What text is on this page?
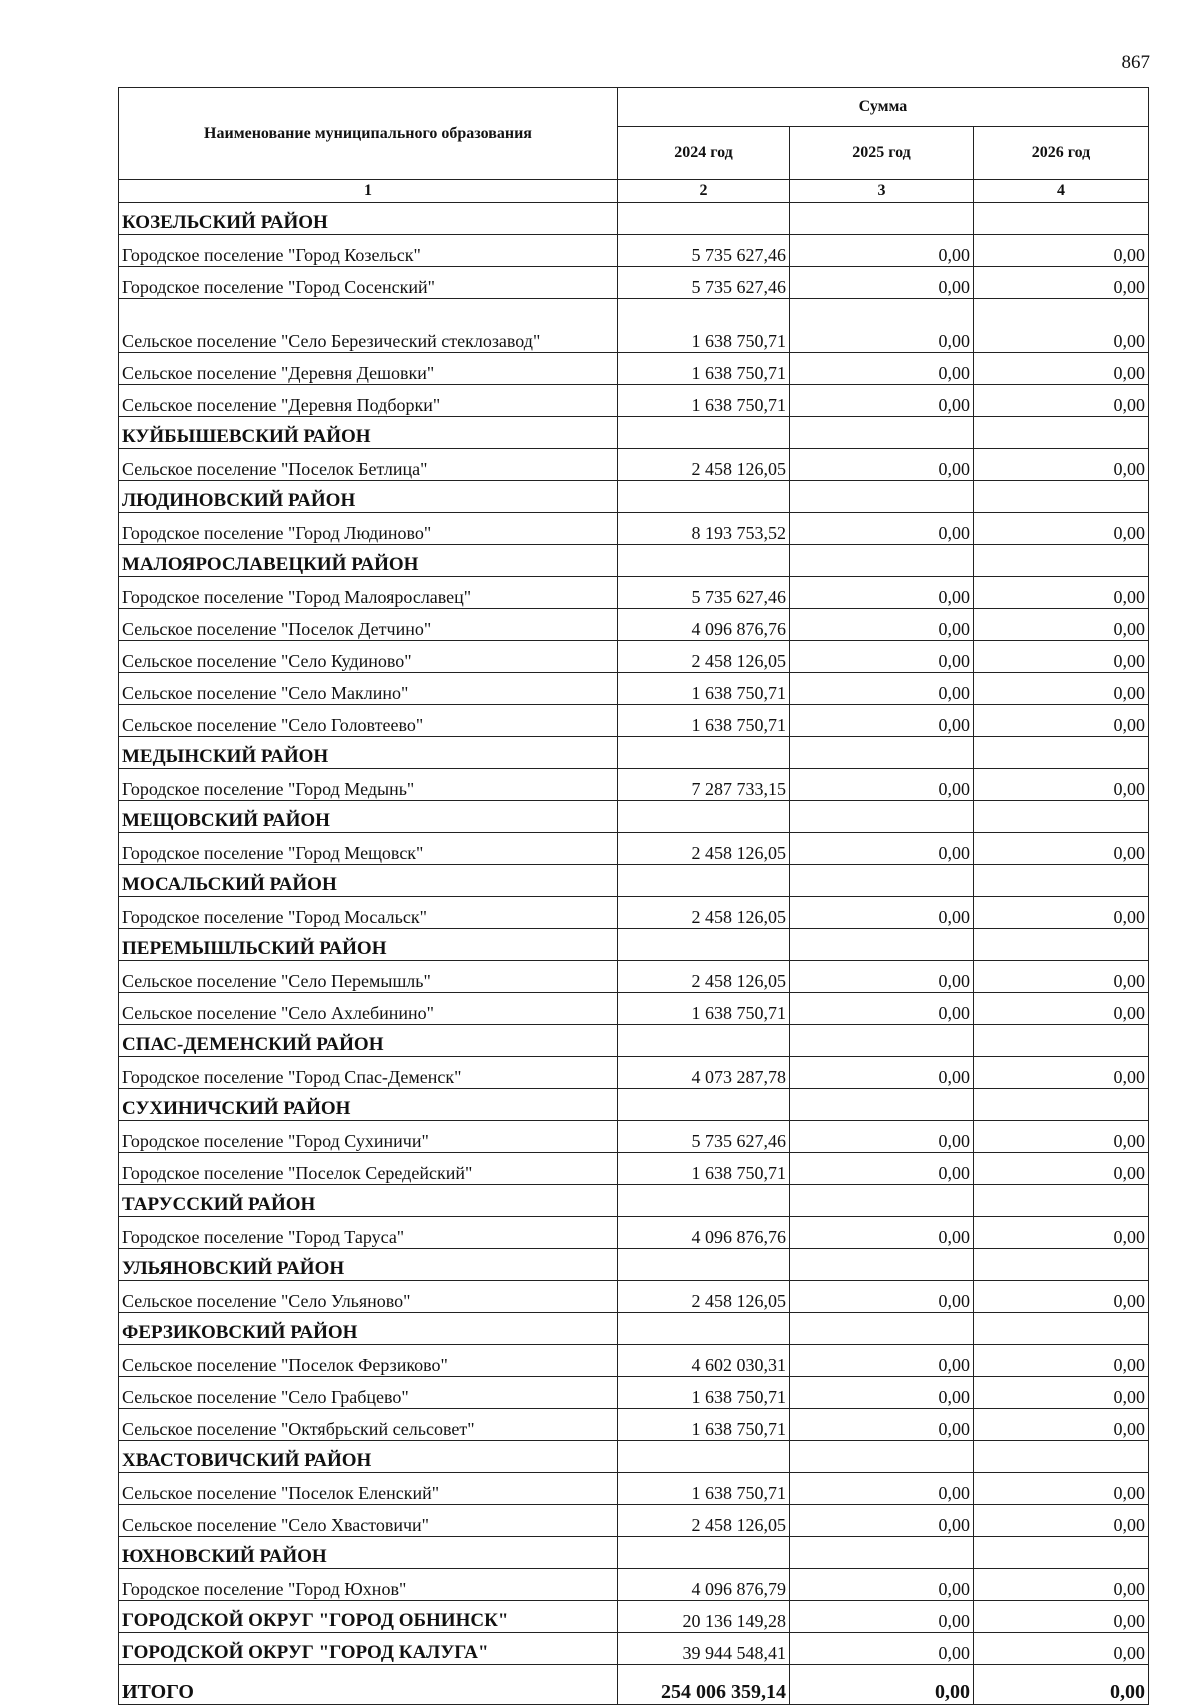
867
Наименование муниципального образования	Сумма		
	2024 год	2025 год	2026 год
1	2	3	4
КОЗЕЛЬСКИЙ РАЙОН			
Городское поселение "Город Козельск"	5 735 627,46	0,00	0,00
Городское поселение "Город Сосенский"	5 735 627,46	0,00	0,00
Сельское поселение "Село Березический стеклозавод"	1 638 750,71	0,00	0,00
Сельское поселение "Деревня Дешовки"	1 638 750,71	0,00	0,00
Сельское поселение "Деревня Подборки"	1 638 750,71	0,00	0,00
КУЙБЫШЕВСКИЙ РАЙОН			
Сельское поселение "Поселок Бетлица"	2 458 126,05	0,00	0,00
ЛЮДИНОВСКИЙ РАЙОН			
Городское поселение "Город Людиново"	8 193 753,52	0,00	0,00
МАЛОЯРОСЛАВЕЦКИЙ РАЙОН			
Городское поселение "Город Малоярославец"	5 735 627,46	0,00	0,00
Сельское поселение "Поселок Детчино"	4 096 876,76	0,00	0,00
Сельское поселение "Село Кудиново"	2 458 126,05	0,00	0,00
Сельское поселение "Село Маклино"	1 638 750,71	0,00	0,00
Сельское поселение "Село Головтеево"	1 638 750,71	0,00	0,00
МЕДЫНСКИЙ РАЙОН			
Городское поселение "Город Медынь"	7 287 733,15	0,00	0,00
МЕЩОВСКИЙ РАЙОН			
Городское поселение "Город Мещовск"	2 458 126,05	0,00	0,00
МОСАЛЬСКИЙ РАЙОН			
Городское поселение "Город Мосальск"	2 458 126,05	0,00	0,00
ПЕРЕМЫШЛЬСКИЙ РАЙОН			
Сельское поселение "Село Перемышль"	2 458 126,05	0,00	0,00
Сельское поселение "Село Ахлебинино"	1 638 750,71	0,00	0,00
СПАС-ДЕМЕНСКИЙ РАЙОН			
Городское поселение "Город Спас-Деменск"	4 073 287,78	0,00	0,00
СУХИНИЧСКИЙ РАЙОН			
Городское поселение "Город Сухиничи"	5 735 627,46	0,00	0,00
Городское поселение "Поселок Середейский"	1 638 750,71	0,00	0,00
ТАРУССКИЙ РАЙОН			
Городское поселение "Город Таруса"	4 096 876,76	0,00	0,00
УЛЬЯНОВСКИЙ РАЙОН			
Сельское поселение "Село Ульяново"	2 458 126,05	0,00	0,00
ФЕРЗИКОВСКИЙ РАЙОН			
Сельское поселение "Поселок Ферзиково"	4 602 030,31	0,00	0,00
Сельское поселение "Село Грабцево"	1 638 750,71	0,00	0,00
Сельское поселение "Октябрьский сельсовет"	1 638 750,71	0,00	0,00
ХВАСТОВИЧСКИЙ РАЙОН			
Сельское поселение "Поселок Еленский"	1 638 750,71	0,00	0,00
Сельское поселение "Село Хвастовичи"	2 458 126,05	0,00	0,00
ЮХНОВСКИЙ РАЙОН			
Городское поселение "Город Юхнов"	4 096 876,79	0,00	0,00
ГОРОДСКОЙ ОКРУГ "ГОРОД ОБНИНСК"	20 136 149,28	0,00	0,00
ГОРОДСКОЙ ОКРУГ "ГОРОД КАЛУГА"	39 944 548,41	0,00	0,00
ИТОГО	254 006 359,14	0,00	0,00
